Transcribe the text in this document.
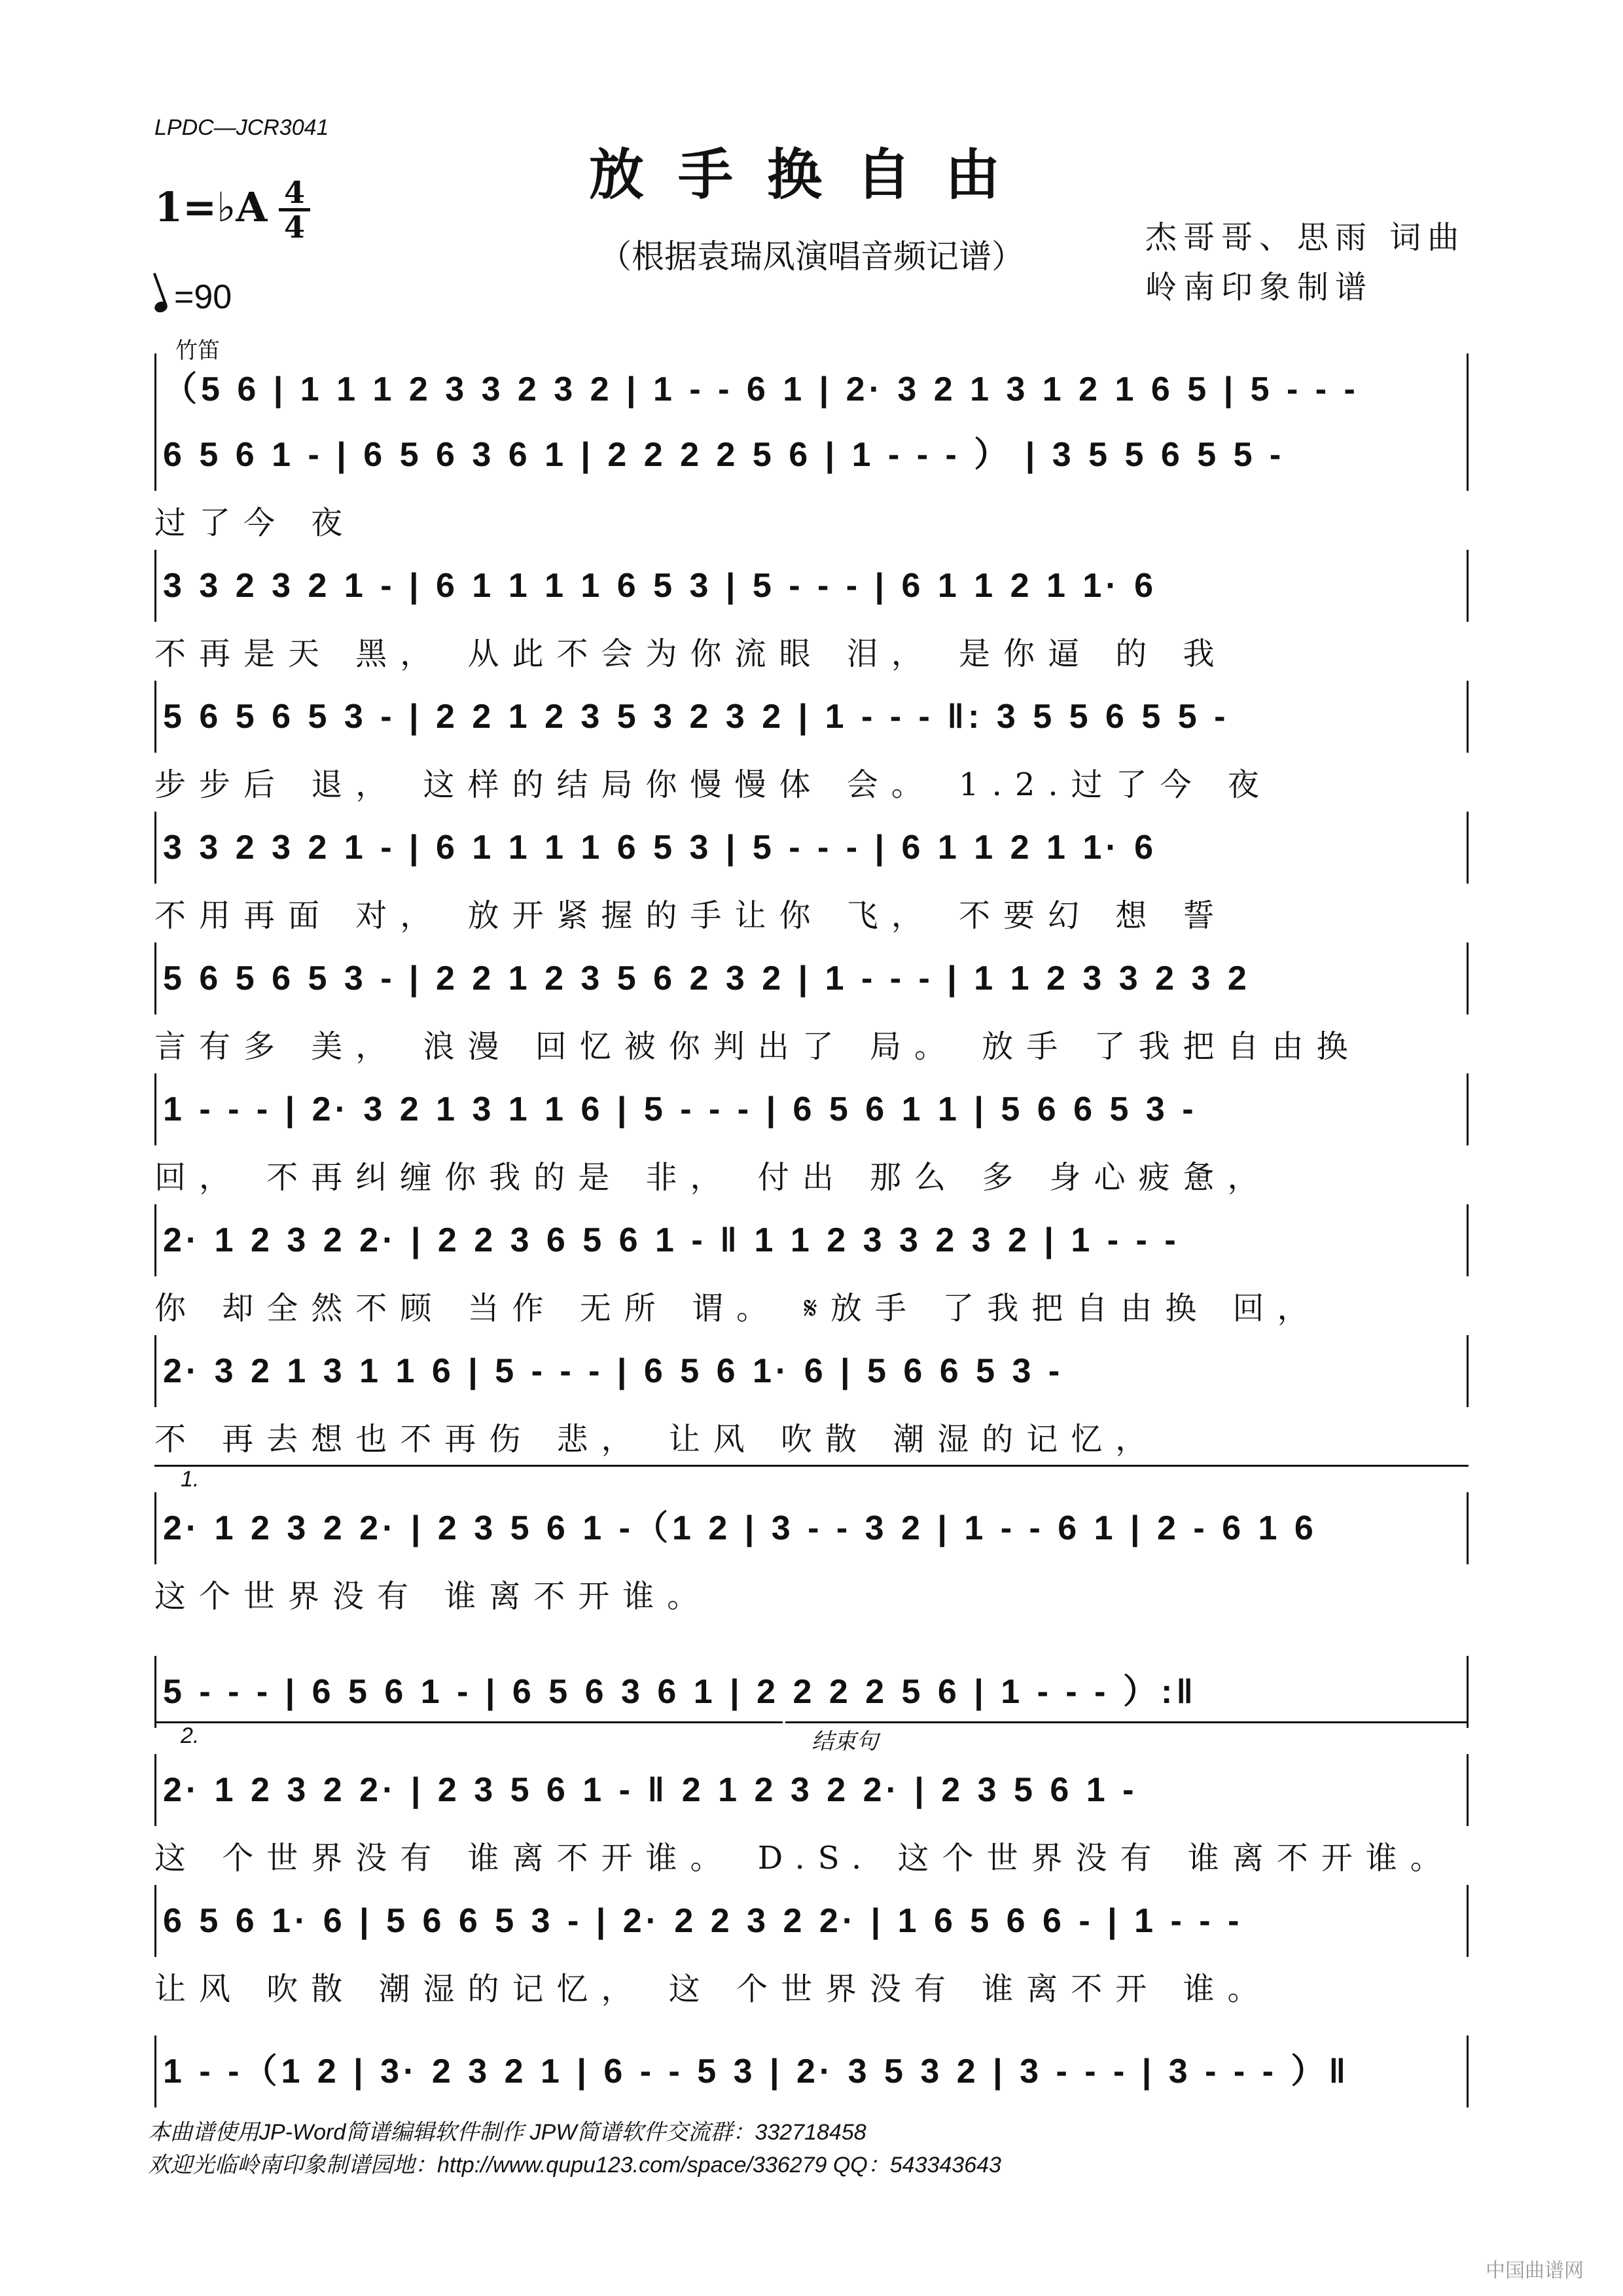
LPDC—JCR3041
放手换自由
1=♭A 4
4
（根据袁瑞凤演唱音频记谱）	杰哥哥、思雨 词曲
岭南印象制谱
=90
竹笛
（5 6 | 1 1 1 2 3 3 2 3 2 | 1 - - 6 1 | 2· 3 2 1 3 1 2 1 6 5 | 5 - - -
6 5 6 1 - | 6 5 6 3 6 1 | 2 2 2 2 5 6 | 1 - - - ） | 3 5 5 6 5 5 -
过了今 夜
3 3 2 3 2 1 - | 6 1 1 1 1 6 5 3 | 5 - - - | 6 1 1 2 1 1· 6
不再是天 黑， 从此不会为你流眼 泪， 是你逼 的 我
5 6 5 6 5 3 - | 2 2 1 2 3 5 3 2 3 2 | 1 - - - ‖: 3 5 5 6 5 5 -
步步后 退， 这样的结局你慢慢体 会。 1.2.过了今 夜
3 3 2 3 2 1 - | 6 1 1 1 1 6 5 3 | 5 - - - | 6 1 1 2 1 1· 6
不用再面 对， 放开紧握的手让你 飞， 不要幻 想 誓
5 6 5 6 5 3 - | 2 2 1 2 3 5 6 2 3 2 | 1 - - - | 1 1 2 3 3 2 3 2
言有多 美， 浪漫 回忆被你判出了 局。 放手 了我把自由换
1 - - - | 2· 3 2 1 3 1 1 6 | 5 - - - | 6 5 6 1 1 | 5 6 6 5 3 -
回， 不再纠缠你我的是 非， 付出 那么 多 身心疲惫，
2· 1 2 3 2 2· | 2 2 3 6 5 6 1 - ‖ 1 1 2 3 3 2 3 2 | 1 - - -
你 却全然不顾 当作 无所 谓。 𝄋放手 了我把自由换 回，
2· 3 2 1 3 1 1 6 | 5 - - - | 6 5 6 1· 6 | 5 6 6 5 3 -
不 再去想也不再伤 悲， 让风 吹散 潮湿的记忆，
2· 1 2 3 2 2· | 2 3 5 6 1 -（1 2 | 3 - - 3 2 | 1 - - 6 1 | 2 - 6 1 6
这个世界没有 谁离不开谁。
5 - - - | 6 5 6 1 - | 6 5 6 3 6 1 | 2 2 2 2 5 6 | 1 - - - ）:‖
2· 1 2 3 2 2· | 2 3 5 6 1 - ‖ 2 1 2 3 2 2· | 2 3 5 6 1 -
这 个世界没有 谁离不开谁。 D.S. 这个世界没有 谁离不开谁。
6 5 6 1· 6 | 5 6 6 5 3 - | 2· 2 2 3 2 2· | 1 6 5 6 6 - | 1 - - -
让风 吹散 潮湿的记忆， 这 个世界没有 谁离不开 谁。
1 - -（1 2 | 3· 2 3 2 1 | 6 - - 5 3 | 2· 3 5 3 2 | 3 - - - | 3 - - - ）‖
1.
2.	结束句
本曲谱使用JP-Word简谱编辑软件制作 JPW简谱软件交流群：332718458
欢迎光临岭南印象制谱园地：http://www.qupu123.com/space/336279 QQ：543343643
中国曲谱网
